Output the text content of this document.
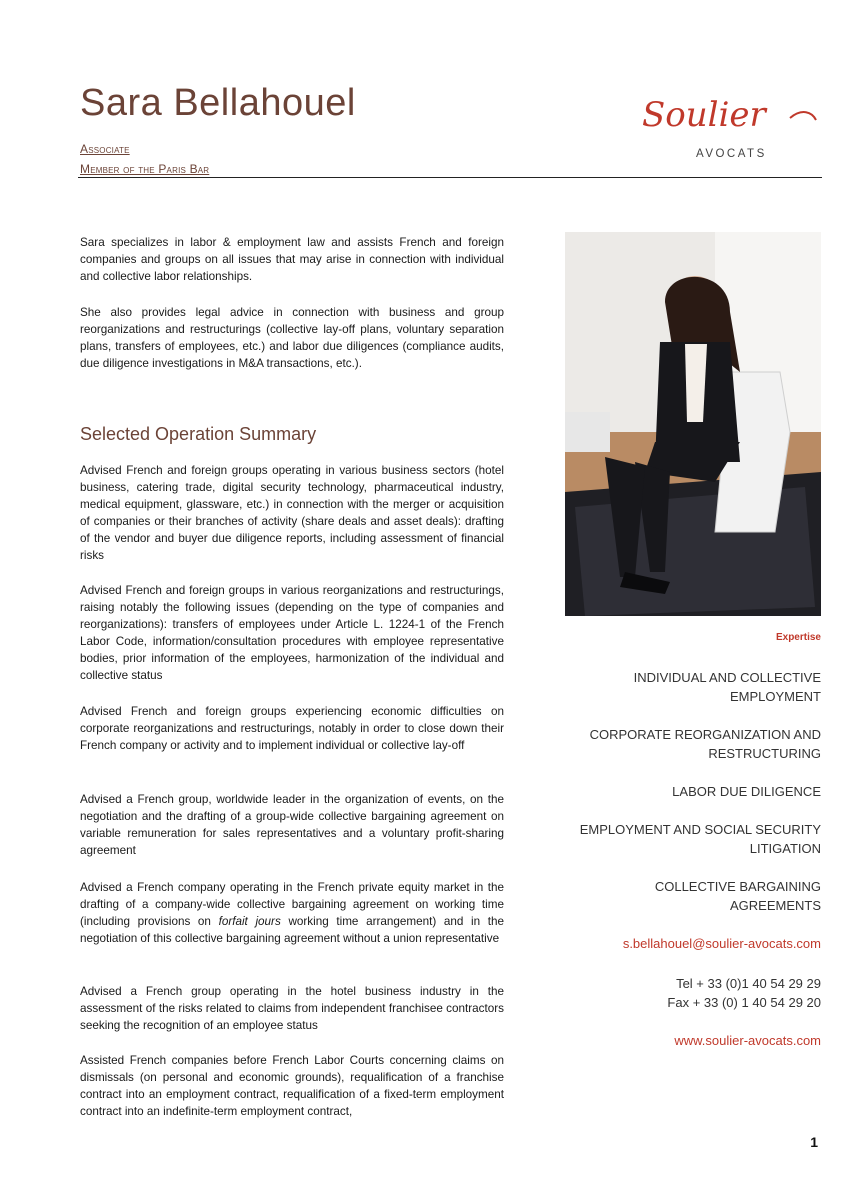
Sara Bellahouel
Associate
Member of the Paris Bar
Soulier
AVOCATS

Sara specializes in labor & employment law and assists French and foreign companies and groups on all issues that may arise in connection with individual and collective labor relationships.

She also provides legal advice in connection with business and group reorganizations and restructurings (collective lay-off plans, voluntary separation plans, transfers of employees, etc.) and labor due diligences (compliance audits, due diligence investigations in M&A transactions, etc.).

Selected Operation Summary

Advised French and foreign groups operating in various business sectors (hotel business, catering trade, digital security technology, pharmaceutical industry, medical equipment, glassware, etc.) in connection with the merger or acquisition of companies or their branches of activity (share deals and asset deals): drafting of the vendor and buyer due diligence reports, including assessment of financial risks

Advised French and foreign groups in various reorganizations and restructurings, raising notably the following issues (depending on the type of companies and reorganizations): transfers of employees under Article L. 1224-1 of the French Labor Code, information/consultation procedures with employee representative bodies, prior information of the employees, harmonization of the individual and collective status

Advised French and foreign groups experiencing economic difficulties on corporate reorganizations and restructurings, notably in order to close down their French company or activity and to implement individual or collective lay-off

Advised a French group, worldwide leader in the organization of events, on the negotiation and the drafting of a group-wide collective bargaining agreement on variable remuneration for sales representatives and a voluntary profit-sharing agreement

Advised a French company operating in the French private equity market in the drafting of a company-wide collective bargaining agreement on working time (including provisions on forfait jours working time arrangement) and in the negotiation of this collective bargaining agreement without a union representative

Advised a French group operating in the hotel business industry in the assessment of the risks related to claims from independent franchisee contractors seeking the recognition of an employee status

Assisted French companies before French Labor Courts concerning claims on dismissals (on personal and economic grounds), requalification of a franchise contract into an employment contract, requalification of a fixed-term employment contract into an indefinite-term employment contract,

Expertise
INDIVIDUAL AND COLLECTIVE
EMPLOYMENT
CORPORATE REORGANIZATION AND
RESTRUCTURING
LABOR DUE DILIGENCE
EMPLOYMENT AND SOCIAL SECURITY
LITIGATION
COLLECTIVE BARGAINING AGREEMENTS
s.bellahouel@soulier-avocats.com
Tel + 33 (0)1 40 54 29 29
Fax + 33 (0) 1 40 54 29 20
www.soulier-avocats.com
1
